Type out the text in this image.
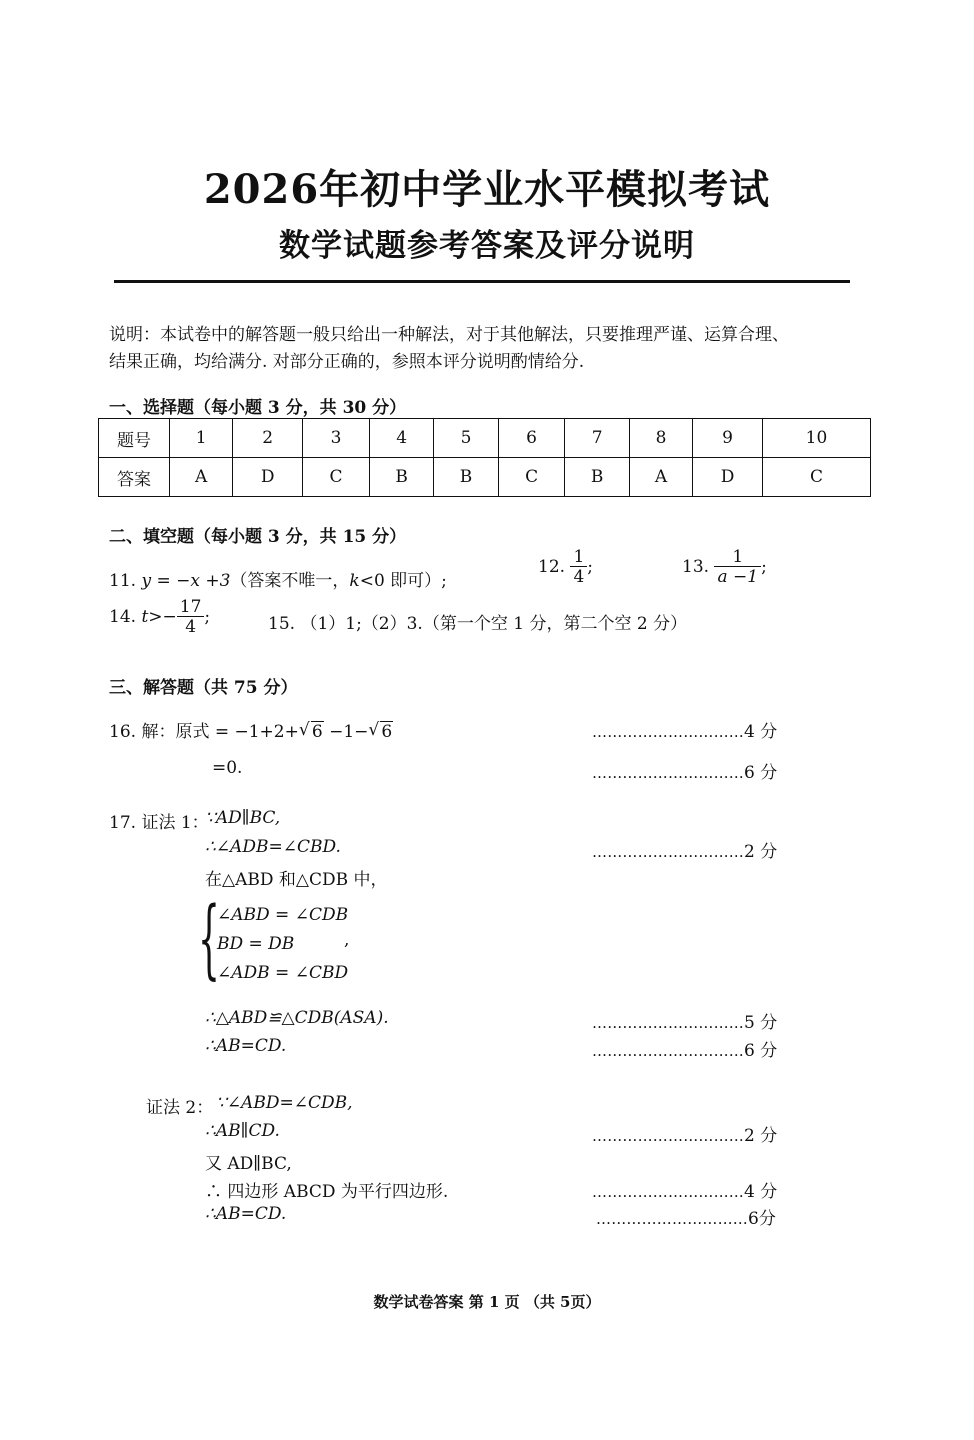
2026年初中学业水平模拟考试
数学试题参考答案及评分说明
说明：本试卷中的解答题一般只给出一种解法，对于其他解法，只要推理严谨、运算合理、
结果正确，均给满分. 对部分正确的，参照本评分说明酌情给分.
一、选择题（每小题 3 分，共 30 分）
题号	1	2	3	4	5	6	7	8	9	10
答案	A	D	C	B	B	C	B	A	D	C
二、填空题（每小题 3 分，共 15 分）
11. y = −x +3（答案不唯一，k<0 即可）;
12. $\frac{1}{4}$ ;	13. $\frac{1}{a -1}$ ;
14. $t>- \frac{17}{4}$ ;	15. （1）1;（2）3.（第一个空 1 分，第二个空 2 分）
三、解答题（共 75 分）
16. 解：原式 = −1+2+ √ 6 −1− √ 6	…………………………4 分
=0.	…………………………6 分
17. 证法 1：
∵AD∥BC,
∴∠ADB=∠CBD.	…………………………2 分
在△ABD 和△CDB 中，
{
∠ABD = ∠CDB
BD = DB	,
∠ADB = ∠CBD
∴△ABD≌△CDB(ASA).	…………………………5 分
∴AB=CD.	…………………………6 分
证法 2： ∵∠ABD=∠CDB,
∴AB∥CD.	…………………………2 分
又 AD∥BC,
∴ 四边形 ABCD 为平行四边形.	…………………………4 分
∴AB=CD.	…………………………6分
数学试卷答案 第 1 页 （共 5页）
